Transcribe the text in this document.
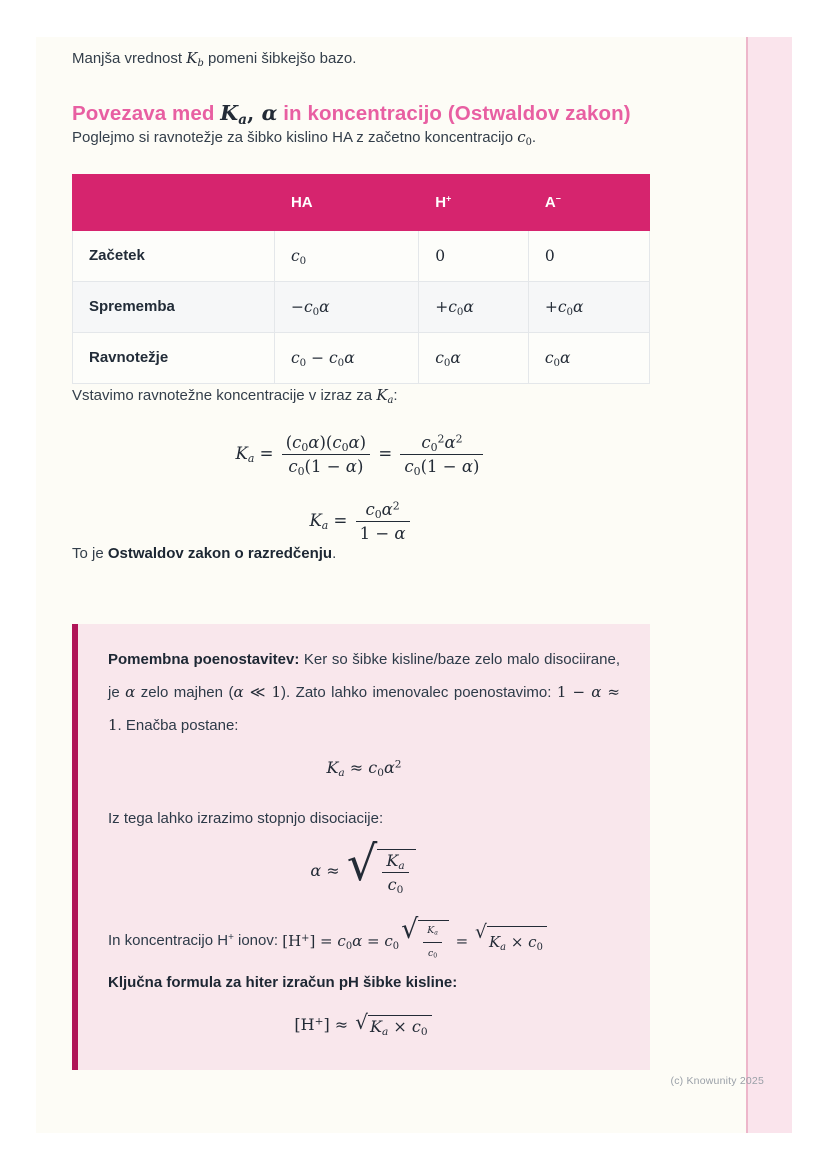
Manjša vrednost $K_b$ pomeni šibkejšo bazo.

Povezava med $K_a$, α in koncentracijo (Ostwaldov zakon)

Poglejmo si ravnotežje za šibko kislino HA z začetno koncentracijo $c_0$.

	HA	H+	A−
Začetek	$c_0$	0	0
Sprememba	$-c_0\alpha$	$+c_0\alpha$	$+c_0\alpha$
Ravnotežje	$c_0 - c_0\alpha$	$c_0\alpha$	$c_0\alpha$

Vstavimo ravnotežne koncentracije v izraz za $K_a$:

$K_a = \frac{(c_0\alpha)(c_0\alpha)}{c_0(1 - \alpha)} = \frac{c_0^2\alpha^2}{c_0(1 - \alpha)}$
$K_a = \frac{c_0\alpha^2}{1 - \alpha}$

To je Ostwaldov zakon o razredčenju.

Pomembna poenostavitev: Ker so šibke kisline/baze zelo malo disociirane, je α zelo majhen (α ≪ 1). Zato lahko imenovalec poenostavimo: 1 − α ≈ 1. Enačba postane:

$K_a \approx c_0\alpha^2$

Iz tega lahko izrazimo stopnjo disociacije:

α ≈ √ $\frac{K_a}{c_0}$

In koncentracijo H+ ionov: $[H^+] = c_0\alpha = c_0$
√ $\frac{K_a}{c_0}$ = √ $K_a \times c_0$

Ključna formula za hiter izračun pH šibke kisline:

[H+] ≈ √ $K_a \times c_0$
(c) Knowunity 2025
